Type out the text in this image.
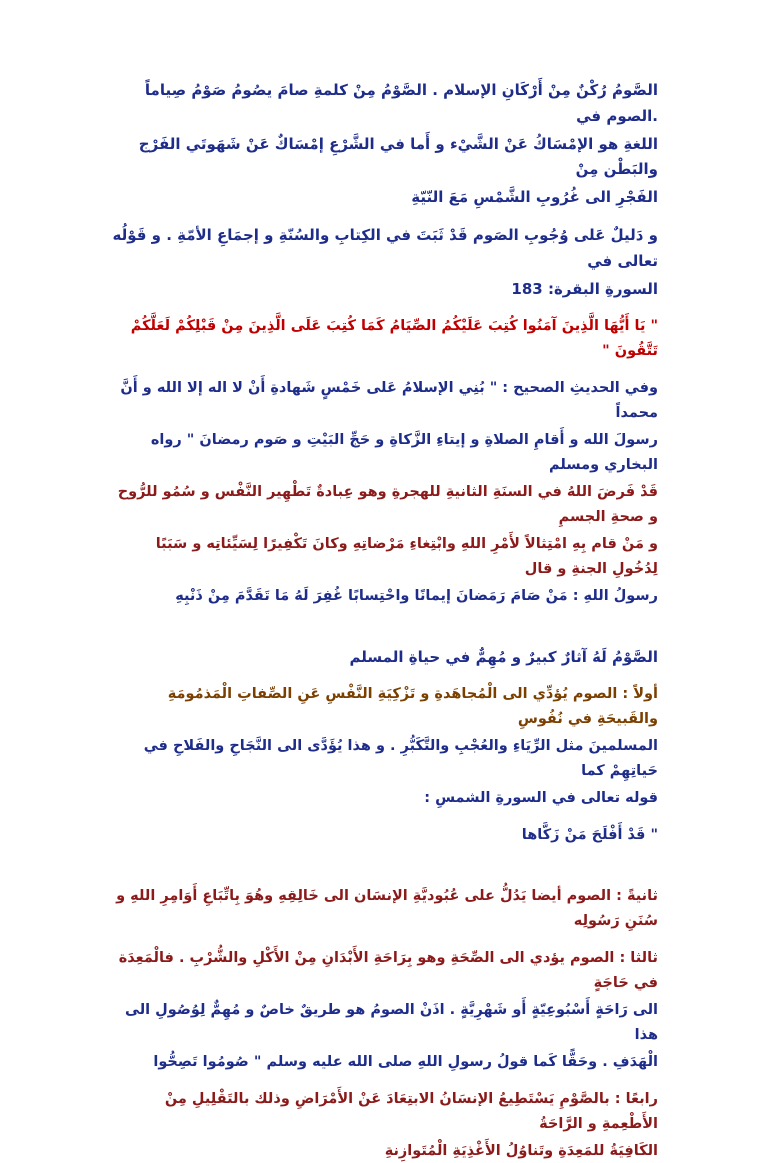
الصَّومُ رُكْنٌ مِنْ أَرْكَانِ الإسلام . الصَّوْمُ مِنْ كلمةِ صامَ يصُومُ صَوْمُ صِياماً .الصوم في
اللغةِ هو الإمْسَاكُ عَنْ الشَّيْء و أَما في الشَّرْعِ إمْسَاكٌ عَنْ شَهَوتَي الفَرْج والبَطْن مِنْ
الفَجْرِ الى غُرُوبِ الشَّمْسِ مَعَ النّيّةِ
و دَليلٌ عَلى وُجُوبِ الصَوم قَدْ ثَبَتَ في الكِتابِ والسُنّةِ و إجمَاعِ الأمّةِ . و قَوْلُه تعالى في
السورةِ البقرة: 183
" يَا أَيُّهَا الَّذِينَ آمَنُوا كُتِبَ عَلَيْكُمُ الصِّيَامُ كَمَا كُتِبَ عَلَى الَّذِينَ مِنْ قَبْلِكُمْ لَعَلَّكُمْ تَتَّقُونَ "
وفي الحديثِ الصحيح : " بُنِي الإسلامُ عَلى خَمْسٍ شَهادةِ أَنْ لا اله إلا الله و أَنَّ محمداً
رسولَ الله و أَقامِ الصلاةِ و إيتاءِ الزَّكاةِ و حَجِّ البَيْتِ و صَوم رمضانَ " رواه البخاري ومسلم
قَدْ فَرضَ اللهُ في السنَةِ الثانيةِ للهجرةِ وهو عِبادةٌ تَطْهِير النَّفْس و سُمُو للرُّوح و صحةِ الجسمِ
و مَنْ قام بِهِ امْتِثالاً لأَمْرِ اللهِ وابْتِغاءِ مَرْضاتِهِ وكانَ تَكْفِيرًا لِسَيِّئاتِه و سَبَبًا لِدُخُولِ الجنةِ و قال
رسولُ اللهِ : مَنْ صَامَ رَمَضانَ إيمانًا واحْتِسابًا غُفِرَ لَهُ مَا تَقَدَّمَ مِنْ ذَنْبِهِ
الصَّوْمُ لَهُ آثارٌ كبيرٌ و مُهِمٌّ في حياةِ المسلم
أولاً : الصوم يُؤدِّي الى الْمُجاهَدةِ و تَزْكِيَةِ النَّفْسِ عَنِ الصِّفاتِ الْمَذمُومَةِ والقَبيحَةِ في نُفُوسِ
المسلمينَ مثل الرِّيَاءِ والعُجْبِ والتَّكَبُّرِ . و هذا يُؤَدَّى الى النَّجَاحِ والفَلاحِ في حَياتِهِمْ كما
قوله تعالى في السورةِ الشمسِ :
" قَدْ أَفْلَحَ مَنْ زَكَّاها
ثانيةً : الصوم أيضا يَدُلُّ على عُبُوديَّةِ الإنسَان الى خَالِقِهِ وهُوَ بِاتِّبَاعِ أَوَامِرِ اللهِ و سُنَنِ رَسُولِه
ثالثا : الصوم يؤدي الى الصِّحَةِ وهو بِرَاحَةِ الأَبْدَانِ مِنْ الأَكْلِ والشُّرْبِ . فالْمَعِدَة في حَاجَةٍ
الى رَاحَةٍ أَسْبُوعِيّةٍ أَو شَهْرِيَّةٍ . اذَنْ الصومُ هو طريقٌ خاصٌ و مُهِمٌّ لِوُصُولِ الى هذا
الْهَدَفِ . وحَقًّا كَما قولُ رسولِ اللهِ صلى الله عليه وسلم " صُومُوا تَصِحُّوا
رابعًا : بالصَّوْمِ يَسْتَطِيعُ الإنسَانُ الابتِعَادَ عَنْ الأَمْرَاضِ وذلك بالتَقْلِيلِ مِنْ الأَطْعِمةِ و الرَّاحَةُ
الكَافِيَةُ للمَعِدَةِ وتَناوُلُ الأَغْذِيَةِ الْمُتَوازِنةِ
